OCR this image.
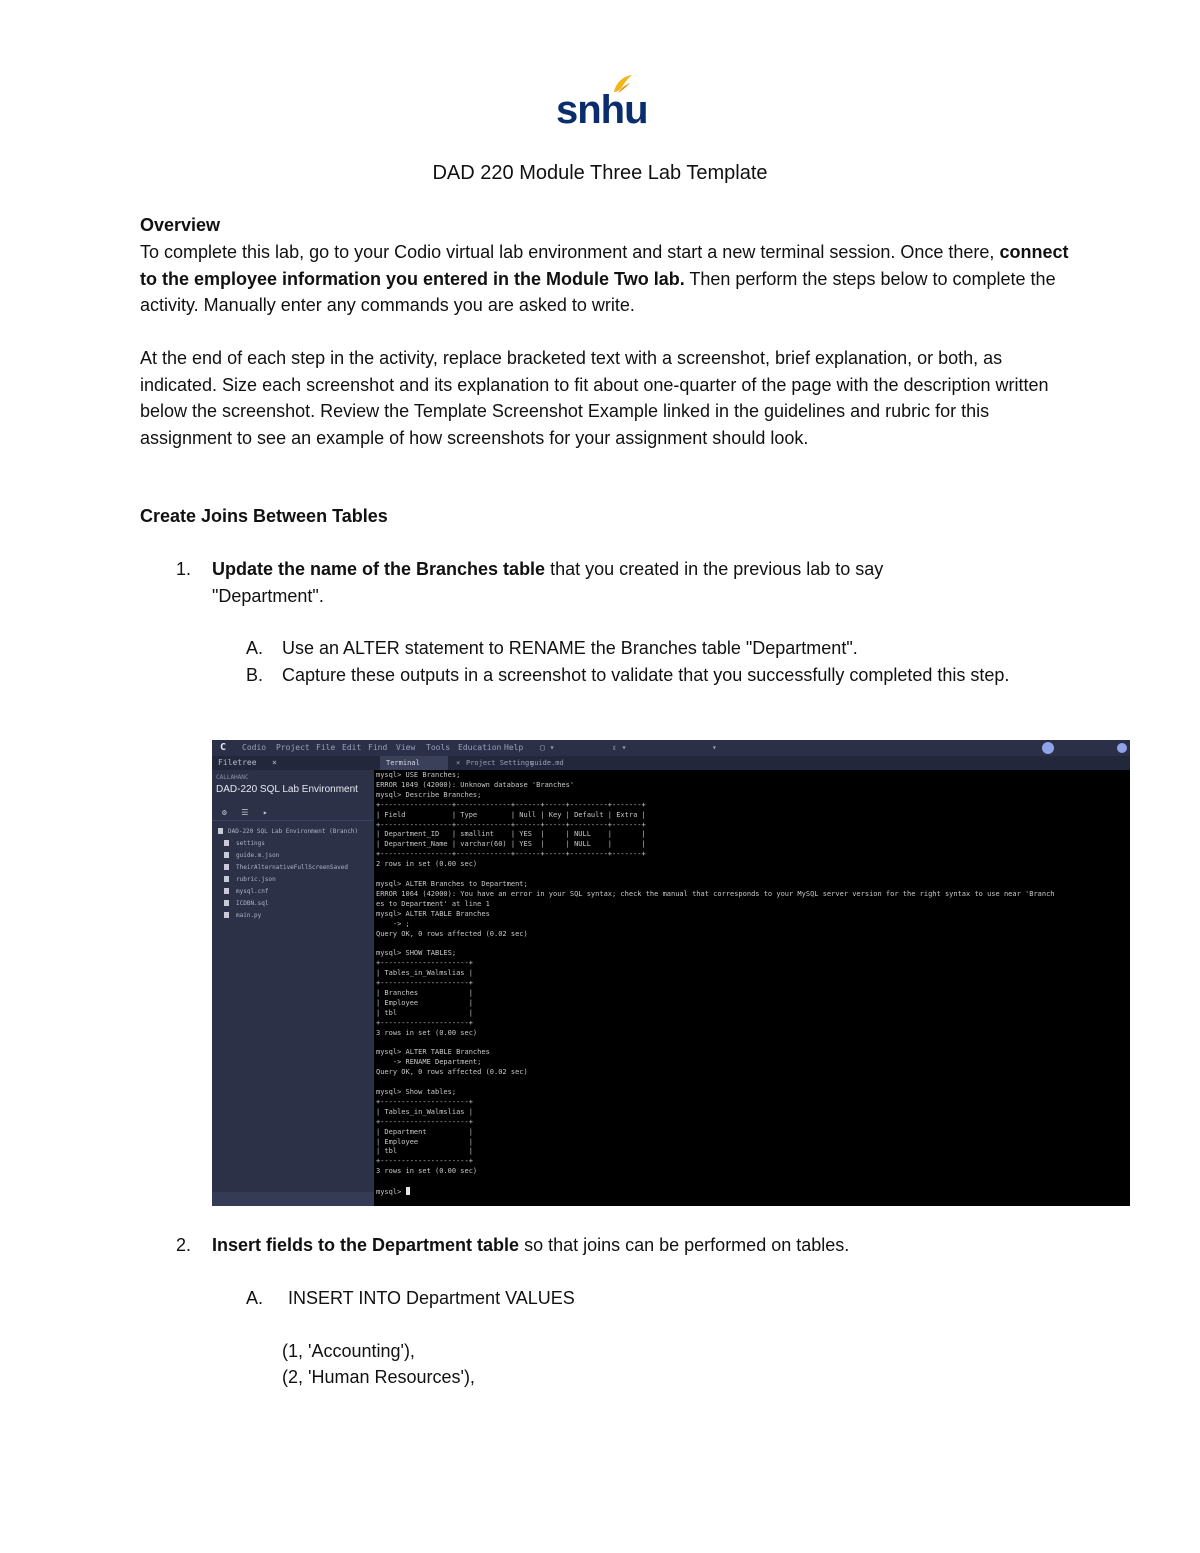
snhu
DAD 220 Module Three Lab Template
Overview
To complete this lab, go to your Codio virtual lab environment and start a new terminal session. Once there, connect to the employee information you entered in the Module Two lab. Then perform the steps below to complete the activity. Manually enter any commands you are asked to write.
At the end of each step in the activity, replace bracketed text with a screenshot, brief explanation, or both, as indicated. Size each screenshot and its explanation to fit about one-quarter of the page with the description written below the screenshot. Review the Template Screenshot Example linked in the guidelines and rubric for this assignment to see an example of how screenshots for your assignment should look.
Create Joins Between Tables
1. Update the name of the Branches table that you created in the previous lab to say "Department".
A. Use an ALTER statement to RENAME the Branches table "Department".
B. Capture these outputs in a screenshot to validate that you successfully completed this step.
C Codio Project File Edit Find View Tools Education Help ▢ ▾	⇕ ▾	▾
Filetree ×
CALLAHANC
DAD-220 SQL Lab Environment
⚙   ☰   ▸
DAD-220 SQL Lab Environment (Branch)
settings
guide.m.json
TheirAlternativeFullScreenSaved
rubric.json
mysql.cnf
ICDBN.sql
main.py
Terminal	× Project Settings
guide.md
mysql> USE Branches;
ERROR 1049 (42000): Unknown database 'Branches'
mysql> Describe Branches;
+-----------------+-------------+------+-----+---------+-------+
| Field           | Type        | Null | Key | Default | Extra |
+-----------------+-------------+------+-----+---------+-------+
| Department_ID   | smallint    | YES  |     | NULL    |       |
| Department_Name | varchar(60) | YES  |     | NULL    |       |
+-----------------+-------------+------+-----+---------+-------+
2 rows in set (0.00 sec)

mysql> ALTER Branches to Department;
ERROR 1064 (42000): You have an error in your SQL syntax; check the manual that corresponds to your MySQL server version for the right syntax to use near 'Branch
es to Department' at line 1
mysql> ALTER TABLE Branches
-> ;
Query OK, 0 rows affected (0.02 sec)

mysql> SHOW TABLES;
+---------------------+
| Tables_in_Walmslias |
+---------------------+
| Branches            |
| Employee            |
| tbl                 |
+---------------------+
3 rows in set (0.00 sec)

mysql> ALTER TABLE Branches
-> RENAME Department;
Query OK, 0 rows affected (0.02 sec)

mysql> Show tables;
+---------------------+
| Tables_in_Walmslias |
+---------------------+
| Department          |
| Employee            |
| tbl                 |
+---------------------+
3 rows in set (0.00 sec)

mysql>
2. Insert fields to the Department table so that joins can be performed on tables.
A. INSERT INTO Department VALUES
(1, 'Accounting'),
(2, 'Human Resources'),
